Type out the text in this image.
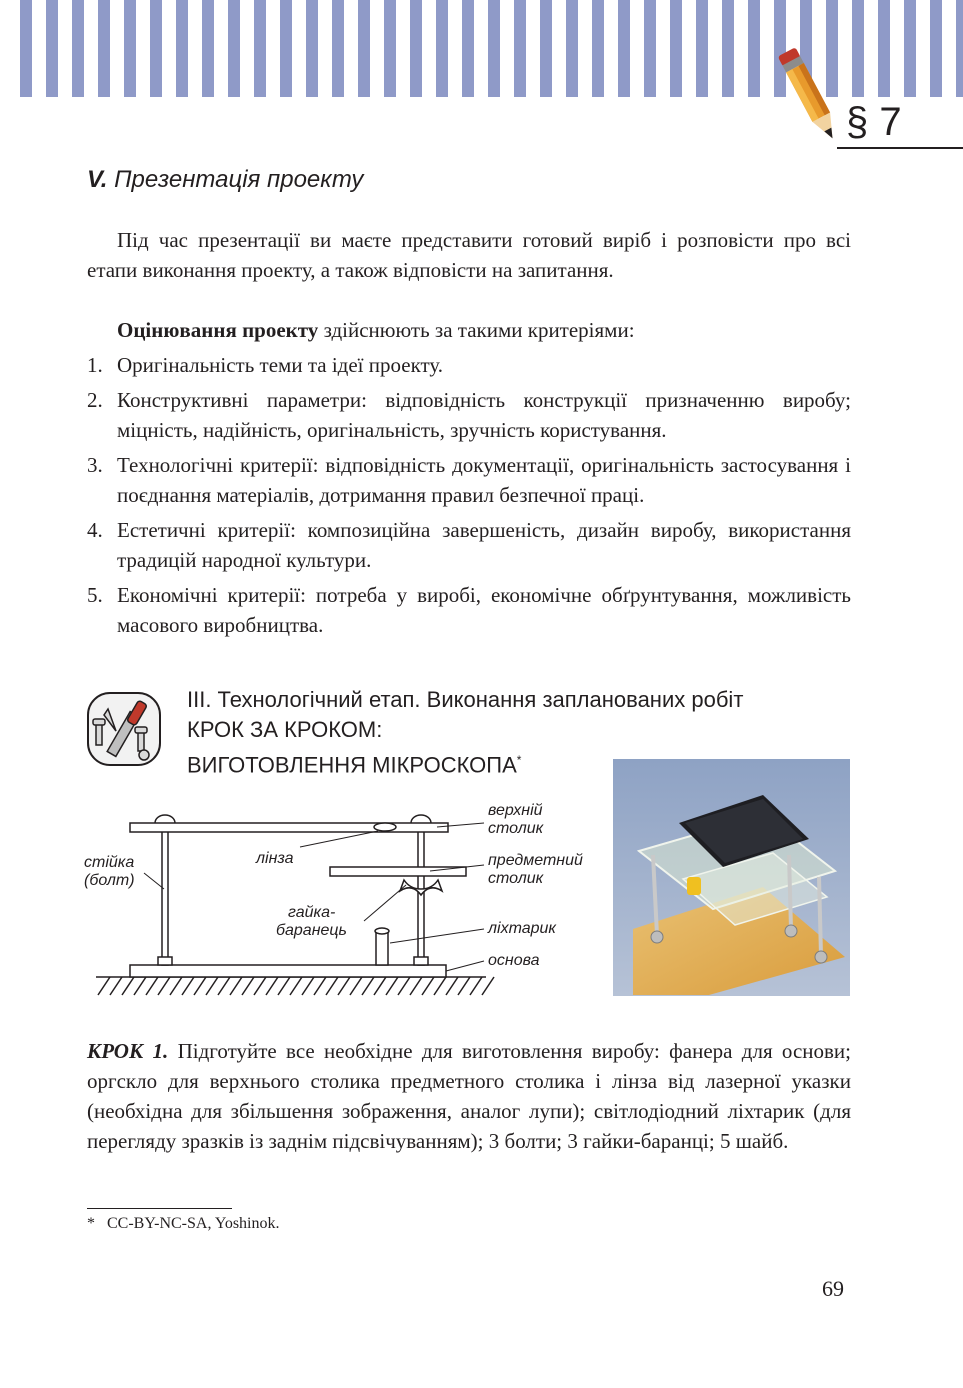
§ 7
V. Презентація проекту
Під час презентації ви маєте представити готовий виріб і розповісти про всі етапи виконання проекту, а також відповісти на запитання.
Оцінювання проекту здійснюють за такими критеріями:
1. Оригінальність теми та ідеї проекту.
2. Конструктивні параметри: відповідність конструкції призначенню виробу; міцність, надійність, оригінальність, зручність користування.
3. Технологічні критерії: відповідність документації, оригінальність застосування і поєднання матеріалів, дотримання правил безпечної праці.
4. Естетичні критерії: композиційна завершеність, дизайн виробу, використання традицій народної культури.
5. Економічні критерії: потреба у виробі, економічне обґрунтування, можливість масового виробництва.
ІІІ. Технологічний етап. Виконання запланованих робіт
КРОК ЗА КРОКОМ:
ВИГОТОВЛЕННЯ МІКРОСКОПА*
верхній
столик
лінза
стійка
(болт)
предметний
столик
гайка-
баранець	ліхтарик
основа
КРОК 1. Підготуйте все необхідне для виготовлення виробу: фанера для основи; оргскло для верхнього столика предметного столика і лінза від лазерної указки (необхідна для збільшення зображення, аналог лупи); світлодіодний ліхтарик (для перегляду зразків із заднім підсвічуванням); 3 болти; 3 гайки-баранці; 5 шайб.
* CC-BY-NC-SA, Yoshinok.
69
